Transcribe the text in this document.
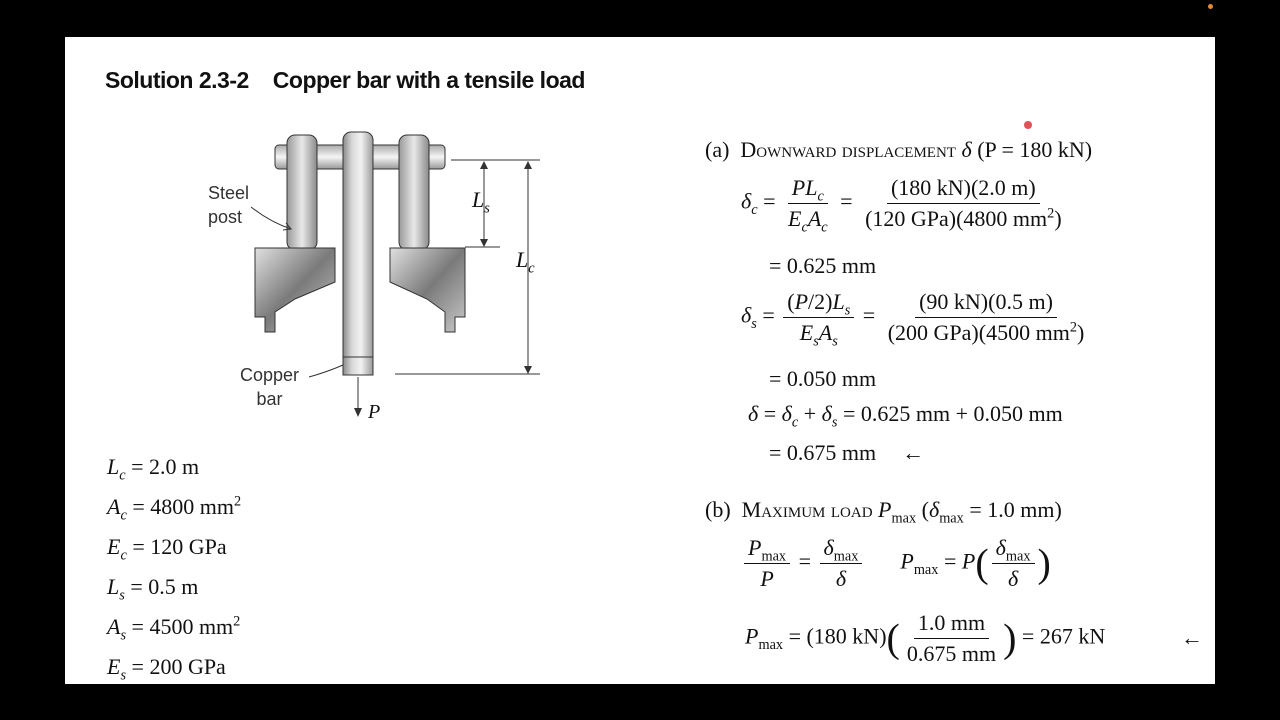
Solution 2.3-2 Copper bar with a tensile load
Steel
post
Copper
bar
$L_s$
$L_c$
P
$L_c = 2.0$ m
$A_c = 4800$ $mm^2$
$E_c = 120$ GPa
$L_s = 0.5$ m
$A_s = 4500$ $mm^2$
$E_s = 200$ GPa
(a) Downward displacement δ (P = 180 kN)
$\delta_c = \frac{PL_c}{E_cA_c} = \frac{(180 kN)(2.0 m)}{(120 GPa)(4800 mm^2)}$
= 0.625 mm
$\delta_s = \frac{(P/2)L_s}{E_sA_s} = \frac{(90 kN)(0.5 m)}{(200 GPa)(4500 mm^2)}$
= 0.050 mm
$\delta = \delta_c + \delta_s = 0.625$ mm + 0.050 mm
= 0.675 mm ←
(b) Maximum load $P_{max}$ ($\delta_{max} = 1.0$ mm)
$\frac{P_{max}}{P} = \frac{\delta_{max}}{\delta} P_{max} = P( \frac{\delta_{max}}{\delta}$ )
$P_{max} = (180$ $kN)( \frac{1.0 mm}{0.675 mm}$ ) = 267 kN	←
